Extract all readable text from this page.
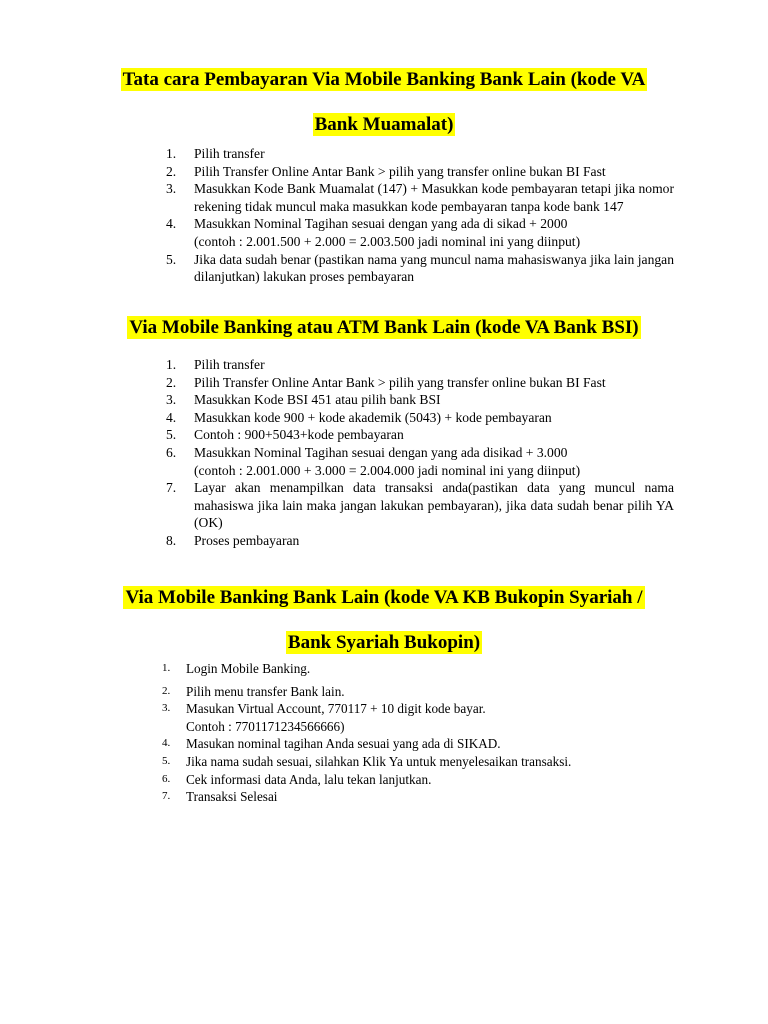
Tata cara Pembayaran Via Mobile Banking Bank Lain (kode VA
Bank Muamalat)
1. Pilih transfer
2. Pilih Transfer Online Antar Bank > pilih yang transfer online bukan BI Fast
3. Masukkan Kode Bank Muamalat (147) + Masukkan kode pembayaran tetapi jika nomor rekening tidak muncul maka masukkan kode pembayaran tanpa kode bank 147
4. Masukkan Nominal Tagihan sesuai dengan yang ada di sikad + 2000
(contoh : 2.001.500 + 2.000 = 2.003.500 jadi nominal ini yang diinput)
5. Jika data sudah benar (pastikan nama yang muncul nama mahasiswanya jika lain jangan dilanjutkan) lakukan proses pembayaran
Via Mobile Banking atau ATM Bank Lain (kode VA Bank BSI)
1. Pilih transfer
2. Pilih Transfer Online Antar Bank > pilih yang transfer online bukan BI Fast
3. Masukkan Kode BSI 451 atau pilih bank BSI
4. Masukkan kode 900 + kode akademik (5043) + kode pembayaran
5. Contoh : 900+5043+kode pembayaran
6. Masukkan Nominal Tagihan sesuai dengan yang ada disikad + 3.000
(contoh : 2.001.000 + 3.000 = 2.004.000 jadi nominal ini yang diinput)
7. Layar akan menampilkan data transaksi anda(pastikan data yang muncul nama mahasiswa jika lain maka jangan lakukan pembayaran), jika data sudah benar pilih YA (OK)
8. Proses pembayaran
Via Mobile Banking Bank Lain (kode VA KB Bukopin Syariah /
Bank Syariah Bukopin)
1. Login Mobile Banking.
2. Pilih menu transfer Bank lain.
3. Masukan Virtual Account, 770117 + 10 digit kode bayar.
Contoh : 7701171234566666)
4. Masukan nominal tagihan Anda sesuai yang ada di SIKAD.
5. Jika nama sudah sesuai, silahkan Klik Ya untuk menyelesaikan transaksi.
6. Cek informasi data Anda, lalu tekan lanjutkan.
7. Transaksi Selesai
